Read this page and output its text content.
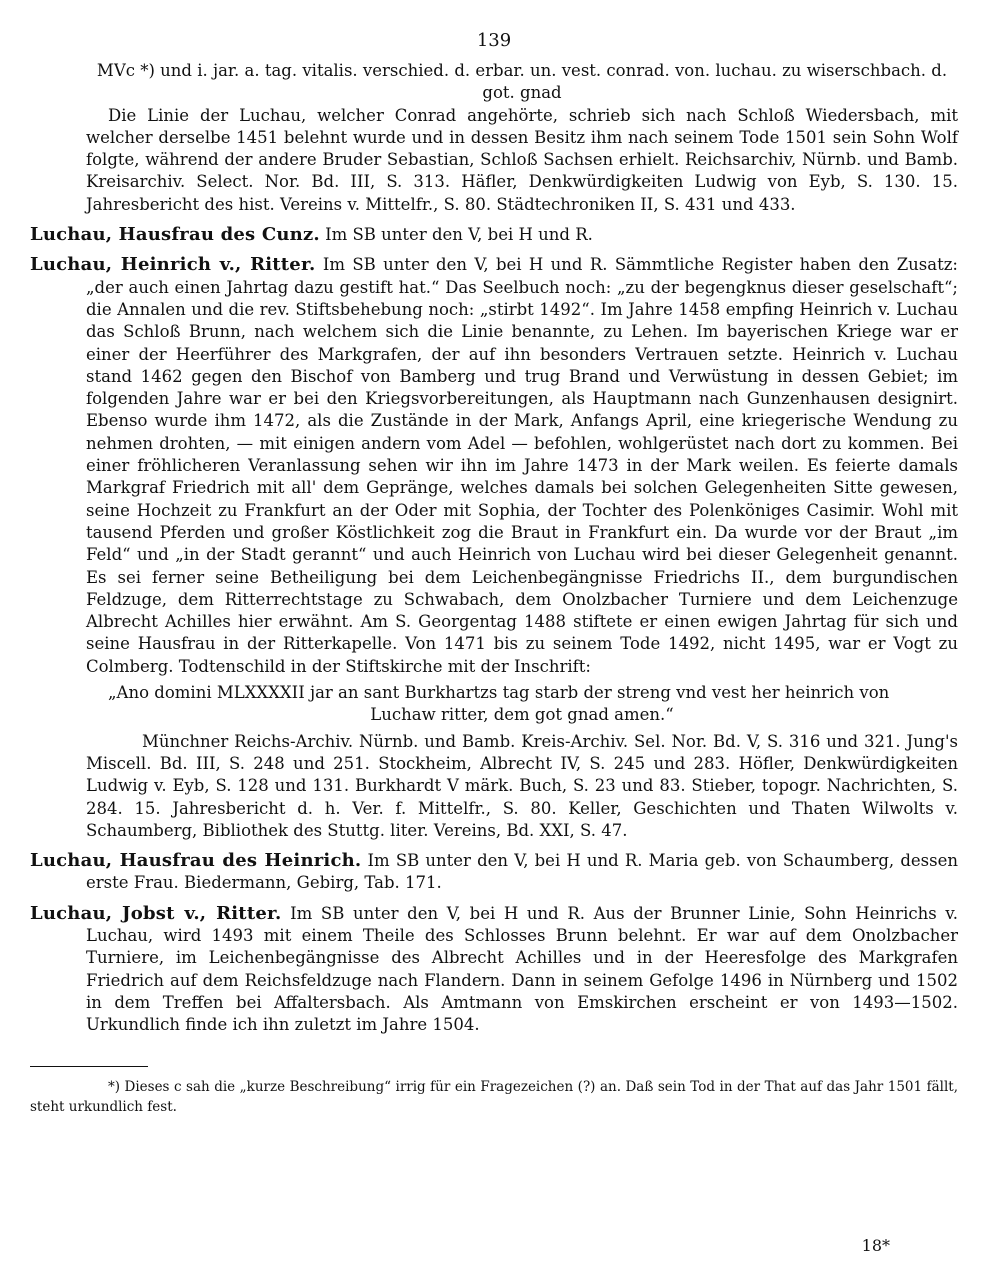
139

MVc *) und i. jar. a. tag. vitalis. verschied. d. erbar. un. vest. conrad. von. luchau. zu wiserschbach. d. got. gnad

Die Linie der Luchau, welcher Conrad angehörte, schrieb sich nach Schloß Wiedersbach, mit welcher derselbe 1451 belehnt wurde und in dessen Besitz ihm nach seinem Tode 1501 sein Sohn Wolf folgte, während der andere Bruder Sebastian, Schloß Sachsen erhielt. Reichsarchiv, Nürnb. und Bamb. Kreisarchiv. Select. Nor. Bd. III, S. 313. Häfler, Denkwürdigkeiten Ludwig von Eyb, S. 130. 15. Jahresbericht des hist. Vereins v. Mittelfr., S. 80. Städtechroniken II, S. 431 und 433.

Luchau, Hausfrau des Cunz. Im SB unter den V, bei H und R.

Luchau, Heinrich v., Ritter. Im SB unter den V, bei H und R. Sämmtliche Register haben den Zusatz: „der auch einen Jahrtag dazu gestift hat.“ Das Seelbuch noch: „zu der begengknus dieser geselschaft“; die Annalen und die rev. Stiftsbehebung noch: „stirbt 1492“. Im Jahre 1458 empfing Heinrich v. Luchau das Schloß Brunn, nach welchem sich die Linie benannte, zu Lehen. Im bayerischen Kriege war er einer der Heerführer des Markgrafen, der auf ihn besonders Vertrauen setzte. Heinrich v. Luchau stand 1462 gegen den Bischof von Bamberg und trug Brand und Verwüstung in dessen Gebiet; im folgenden Jahre war er bei den Kriegsvorbereitungen, als Hauptmann nach Gunzenhausen designirt. Ebenso wurde ihm 1472, als die Zustände in der Mark, Anfangs April, eine kriegerische Wendung zu nehmen drohten, — mit einigen andern vom Adel — befohlen, wohlgerüstet nach dort zu kommen. Bei einer fröhlicheren Veranlassung sehen wir ihn im Jahre 1473 in der Mark weilen. Es feierte damals Markgraf Friedrich mit all' dem Gepränge, welches damals bei solchen Gelegenheiten Sitte gewesen, seine Hochzeit zu Frankfurt an der Oder mit Sophia, der Tochter des Polenköniges Casimir. Wohl mit tausend Pferden und großer Köstlichkeit zog die Braut in Frankfurt ein. Da wurde vor der Braut „im Feld“ und „in der Stadt gerannt“ und auch Heinrich von Luchau wird bei dieser Gelegenheit genannt. Es sei ferner seine Betheiligung bei dem Leichenbegängnisse Friedrichs II., dem burgundischen Feldzuge, dem Ritterrechtstage zu Schwabach, dem Onolzbacher Turniere und dem Leichenzuge Albrecht Achilles hier erwähnt. Am S. Georgentag 1488 stiftete er einen ewigen Jahrtag für sich und seine Hausfrau in der Ritterkapelle. Von 1471 bis zu seinem Tode 1492, nicht 1495, war er Vogt zu Colmberg. Todtenschild in der Stiftskirche mit der Inschrift:

„Ano domini MLXXXXII jar an sant Burkhartzs tag starb der streng vnd vest her heinrich von

Luchaw ritter, dem got gnad amen.“

Münchner Reichs-Archiv. Nürnb. und Bamb. Kreis-Archiv. Sel. Nor. Bd. V, S. 316 und 321. Jung's Miscell. Bd. III, S. 248 und 251. Stockheim, Albrecht IV, S. 245 und 283. Höfler, Denkwürdigkeiten Ludwig v. Eyb, S. 128 und 131. Burkhardt V märk. Buch, S. 23 und 83. Stieber, topogr. Nachrichten, S. 284. 15. Jahresbericht d. h. Ver. f. Mittelfr., S. 80. Keller, Geschichten und Thaten Wilwolts v. Schaumberg, Bibliothek des Stuttg. liter. Vereins, Bd. XXI, S. 47.

Luchau, Hausfrau des Heinrich. Im SB unter den V, bei H und R. Maria geb. von Schaumberg, dessen erste Frau. Biedermann, Gebirg, Tab. 171.

Luchau, Jobst v., Ritter. Im SB unter den V, bei H und R. Aus der Brunner Linie, Sohn Heinrichs v. Luchau, wird 1493 mit einem Theile des Schlosses Brunn belehnt. Er war auf dem Onolzbacher Turniere, im Leichenbegängnisse des Albrecht Achilles und in der Heeresfolge des Markgrafen Friedrich auf dem Reichsfeldzuge nach Flandern. Dann in seinem Gefolge 1496 in Nürnberg und 1502 in dem Treffen bei Affaltersbach. Als Amtmann von Emskirchen erscheint er von 1493—1502. Urkundlich finde ich ihn zuletzt im Jahre 1504.

*) Dieses c sah die „kurze Beschreibung“ irrig für ein Fragezeichen (?) an. Daß sein Tod in der That auf das Jahr 1501 fällt, steht urkundlich fest.

18*
